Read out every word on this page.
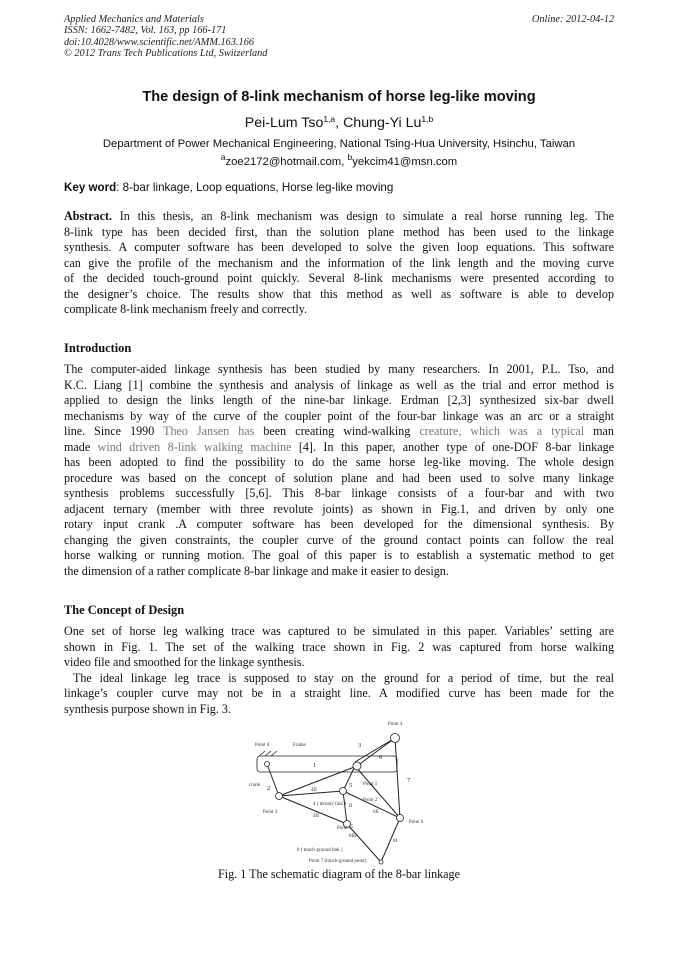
Applied Mechanics and Materials
ISSN: 1662-7482, Vol. 163, pp 166-171
doi:10.4028/www.scientific.net/AMM.163.166
© 2012 Trans Tech Publications Ltd, Switzerland
Online: 2012-04-12
The design of 8-link mechanism of horse leg-like moving
Pei-Lum Tso$^{1,a}$, Chung-Yi Lu$^{1,b}$
Department of Power Mechanical Engineering, National Tsing-Hua University, Hsinchu, Taiwan
$^a$zoe2172@hotmail.com, $^b$yekcim41@msn.com
Key word: 8-bar linkage, Loop equations, Horse leg-like moving
Abstract. In this thesis, an 8-link mechanism was design to simulate a real horse running leg. The
8-link type has been decided first, than the solution plane method has been used to the linkage
synthesis. A computer software has been developed to solve the given loop equations. This software
can give the profile of the mechanism and the information of the link length and the moving curve
of the decided touch-ground point quickly. Several 8-link mechanisms were presented according to
the designer’s choice. The results show that this method as well as software is able to develop
complicate 8-link mechanism freely and correctly.
Introduction
The computer-aided linkage synthesis has been studied by many researchers. In 2001, P.L. Tso, and
K.C. Liang [1] combine the synthesis and analysis of linkage as well as the trial and error method is
applied to design the links length of the nine-bar linkage. Erdman [2,3] synthesized six-bar dwell
mechanisms by way of the curve of the coupler point of the four-bar linkage was an arc or a straight
line. Since 1990 Theo Jansen has been creating wind-walking creature, which was a typical man
made wind driven 8-link walking machine [4]. In this paper, another type of one-DOF 8-bar linkage
has been adopted to find the possibility to do the same horse leg-like moving. The whole design
procedure was based on the concept of solution plane and had been used to solve many linkage
synthesis problems successfully [5,6]. This 8-bar linkage consists of a four-bar and with two
adjacent ternary (member with three revolute joints) as shown in Fig.1, and driven by only one
rotary input crank .A computer software has been developed for the dimensional synthesis. By
changing the given constraints, the coupler curve of the ground contact points can follow the real
horse walking or running motion. The goal of this paper is to establish a systematic method to get
the dimension of a rather complicate 8-bar linkage and make it easier to design.
The Concept of Design
One set of horse leg walking trace was captured to be simulated in this paper. Variables’ setting are
shown in Fig. 1. The set of the walking trace shown in Fig. 2 was captured from horse walking
video file and smoothed for the linkage synthesis.
The ideal linkage leg trace is supposed to stay on the ground for a period of time, but the real
linkage’s coupler curve may not be in a straight line. A modified curve has been made for the
synthesis purpose shown in Fig. 3.
Point 4
Point 0	Frame	3
6
1
7
crank 2	5 Point 1
4II
4 ( ternary link )
Point 2
II
Point 3
4II
6II
Point 6
Point 5 5
8III
8I
8 ( touch-ground link )
Point 7 (touch-ground point)
Fig. 1 The schematic diagram of the 8-bar linkage
